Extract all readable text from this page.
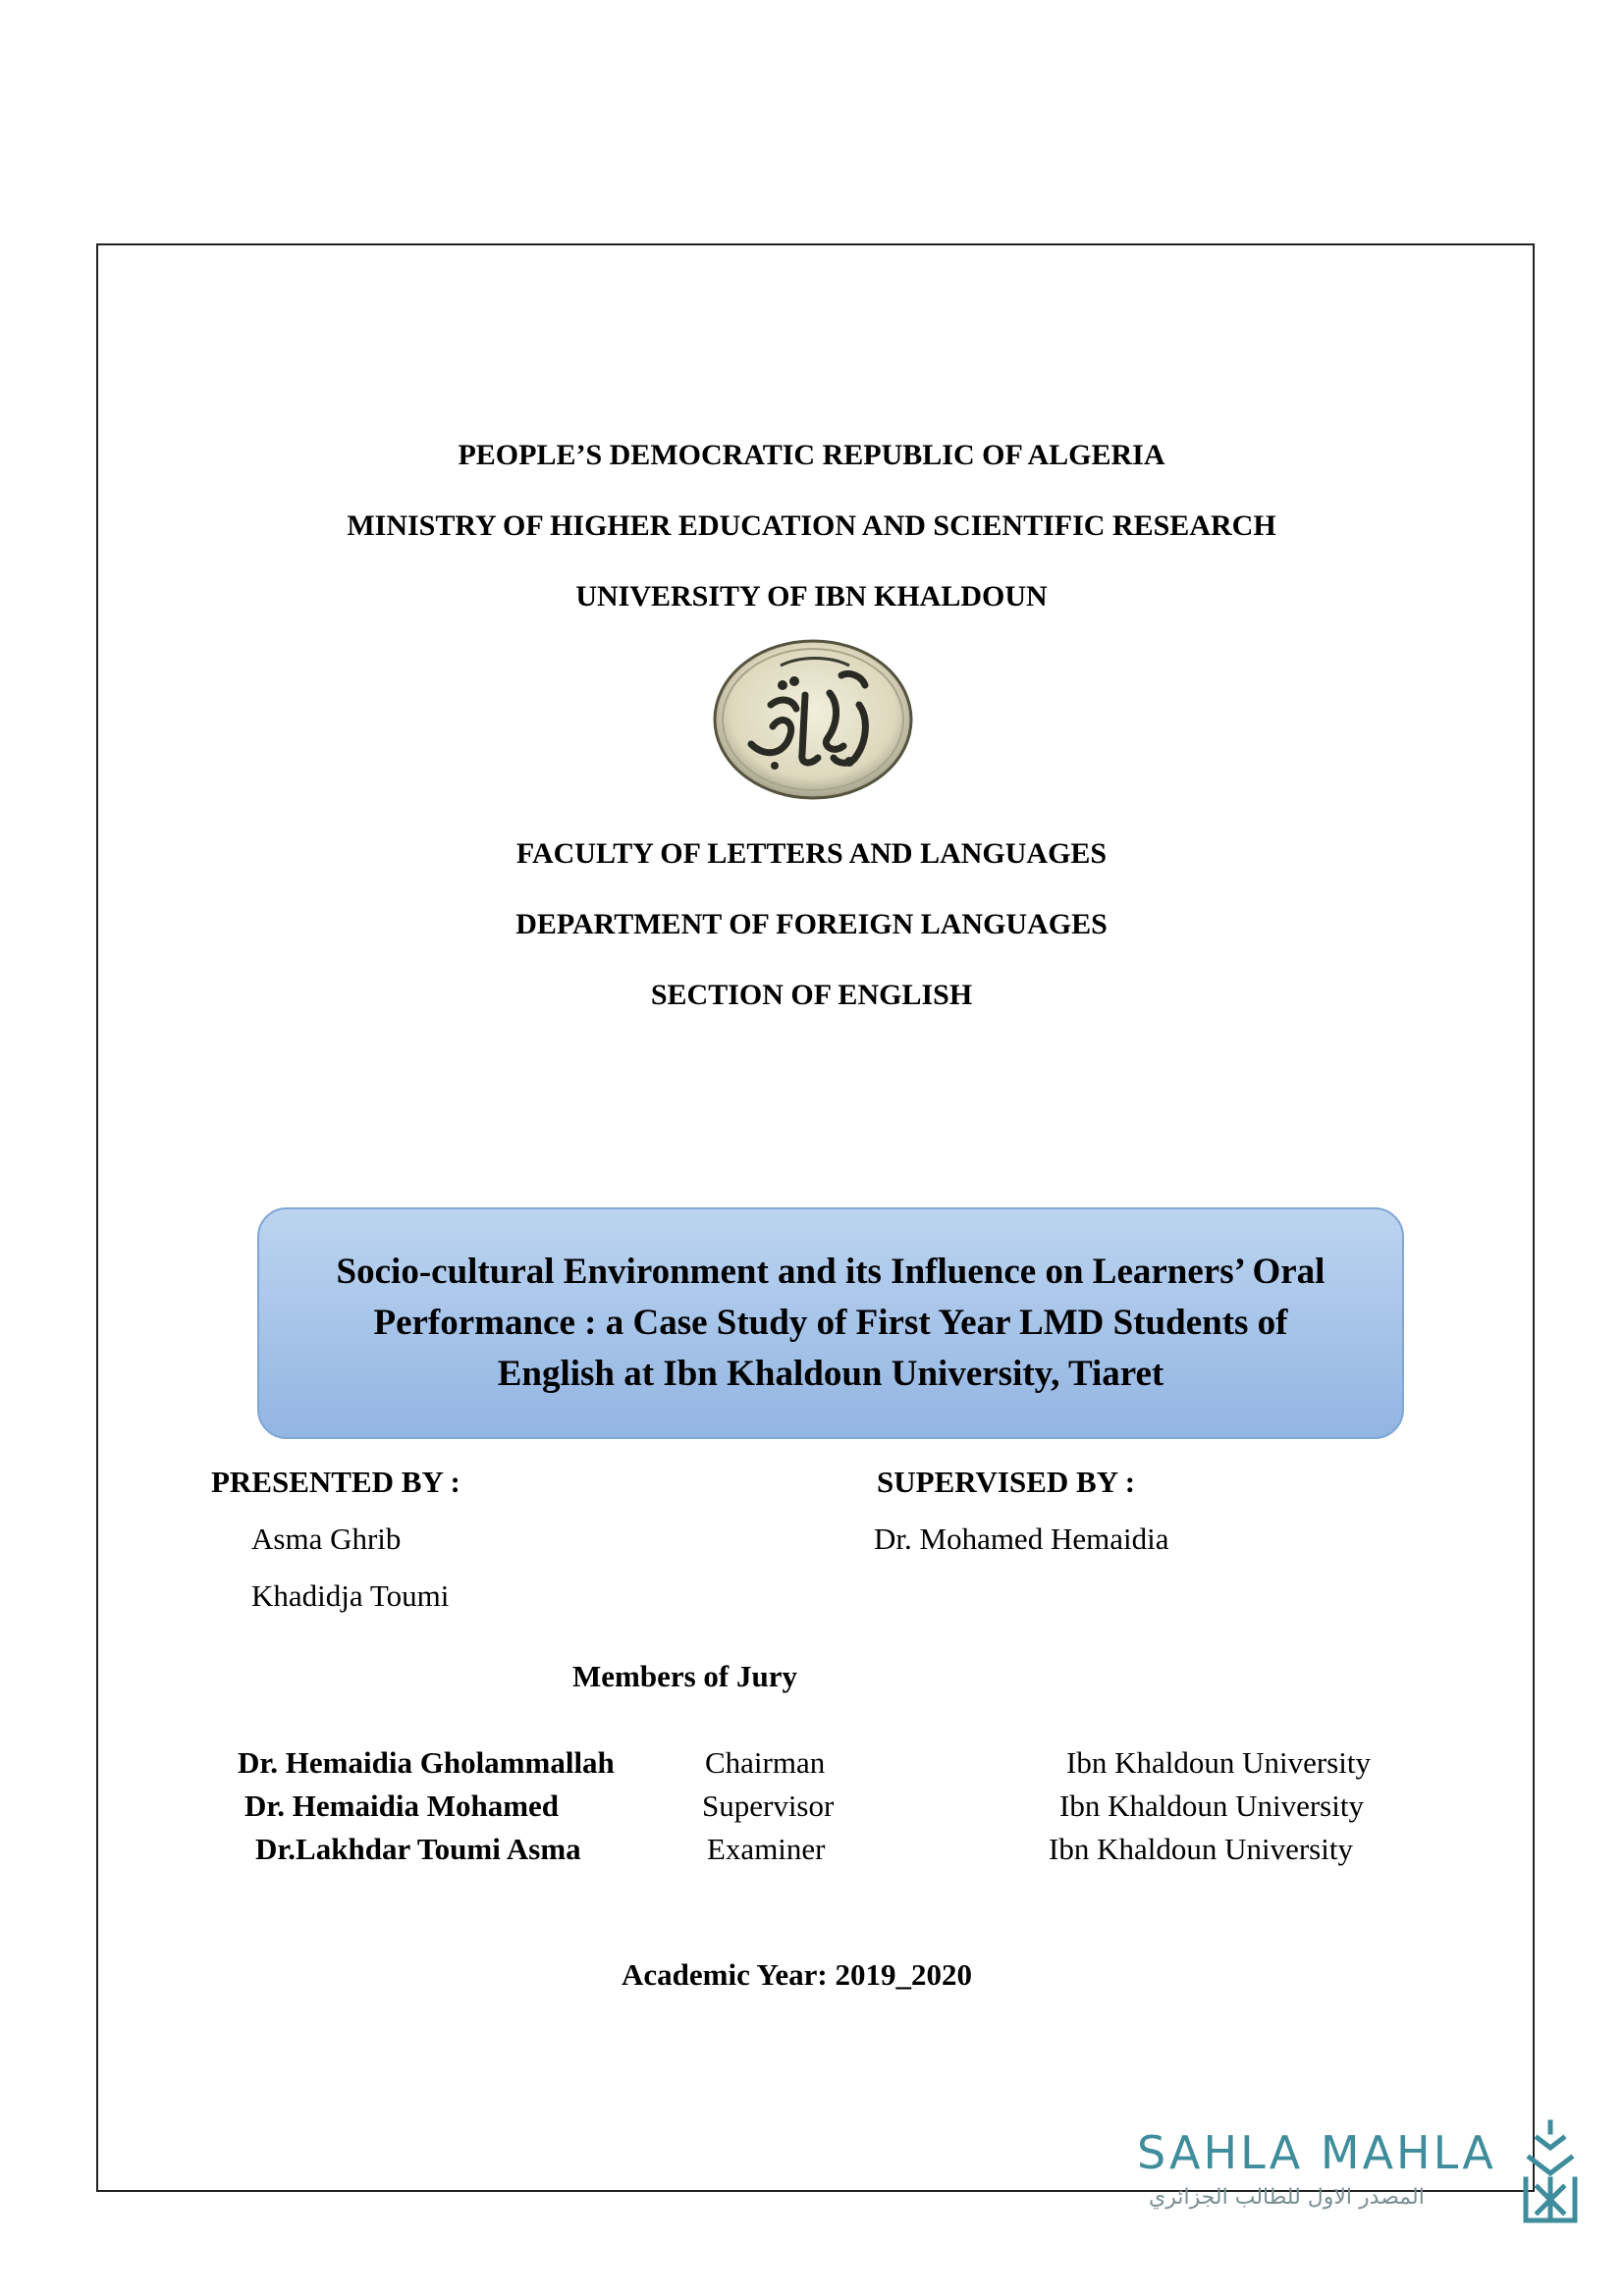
PEOPLE’S DEMOCRATIC REPUBLIC OF ALGERIA
MINISTRY OF HIGHER EDUCATION AND SCIENTIFIC RESEARCH
UNIVERSITY OF IBN KHALDOUN
FACULTY OF LETTERS AND LANGUAGES
DEPARTMENT OF FOREIGN LANGUAGES
SECTION OF ENGLISH
Socio-cultural Environment and its Influence on Learners’ Oral
Performance : a Case Study of First Year LMD Students of
English at Ibn Khaldoun University, Tiaret
PRESENTED BY :
Asma Ghrib
Khadidja Toumi
SUPERVISED BY :
Dr. Mohamed Hemaidia
Members of Jury
Dr. Hemaidia Gholammallah	Chairman	Ibn Khaldoun University
Dr. Hemaidia Mohamed	Supervisor	Ibn Khaldoun University
Dr.Lakhdar Toumi Asma	Examiner	Ibn Khaldoun University
Academic Year: 2019_2020
SAHLA MAHLA
المصدر الاول للطالب الجزائري
